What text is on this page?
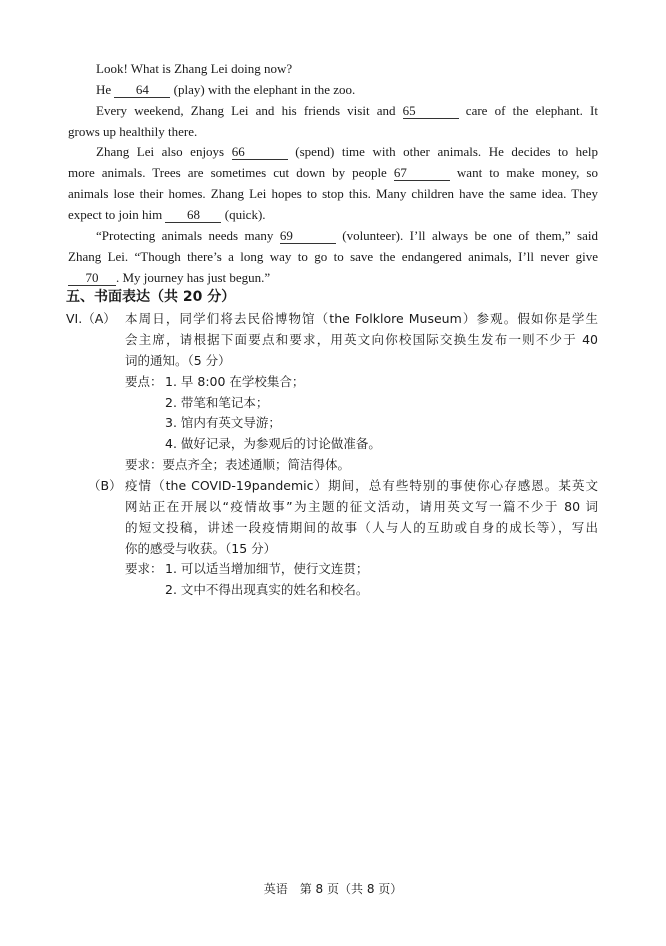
Look! What is Zhang Lei doing now?
He 64 (play) with the elephant in the zoo.
Every weekend, Zhang Lei and his friends visit and 65	care of the elephant. It
grows up healthily there.
Zhang Lei also enjoys 66	(spend) time with other animals. He decides to help
more animals. Trees are sometimes cut down by people 67	want to make money, so
animals lose their homes. Zhang Lei hopes to stop this. Many children have the same idea. They
expect to join him 68 (quick).
“Protecting animals needs many 69	(volunteer). I’ll always be one of them,” said
Zhang Lei. “Though there’s a long way to go to save the endangered animals, I’ll never give
70 . My journey has just begun.”
五、书面表达（共 20 分）
VI.（A） 本周日，同学们将去民俗博物馆（the Folklore Museum）参观。假如你是学生
会主席，请根据下面要点和要求，用英文向你校国际交换生发布一则不少于 40
词的通知。（5 分）
要点： 1. 早 8:00 在学校集合；
2. 带笔和笔记本；
3. 馆内有英文导游；
4. 做好记录，为参观后的讨论做准备。
要求：要点齐全；表述通顺；简洁得体。
（B） 疫情（the COVID-19pandemic）期间，总有些特别的事使你心存感恩。某英文
网站正在开展以“疫情故事”为主题的征文活动，请用英文写一篇不少于 80 词
的短文投稿，讲述一段疫情期间的故事（人与人的互助或自身的成长等），写出
你的感受与收获。（15 分）
要求： 1. 可以适当增加细节，使行文连贯；
2. 文中不得出现真实的姓名和校名。
英语　第 8 页（共 8 页）
